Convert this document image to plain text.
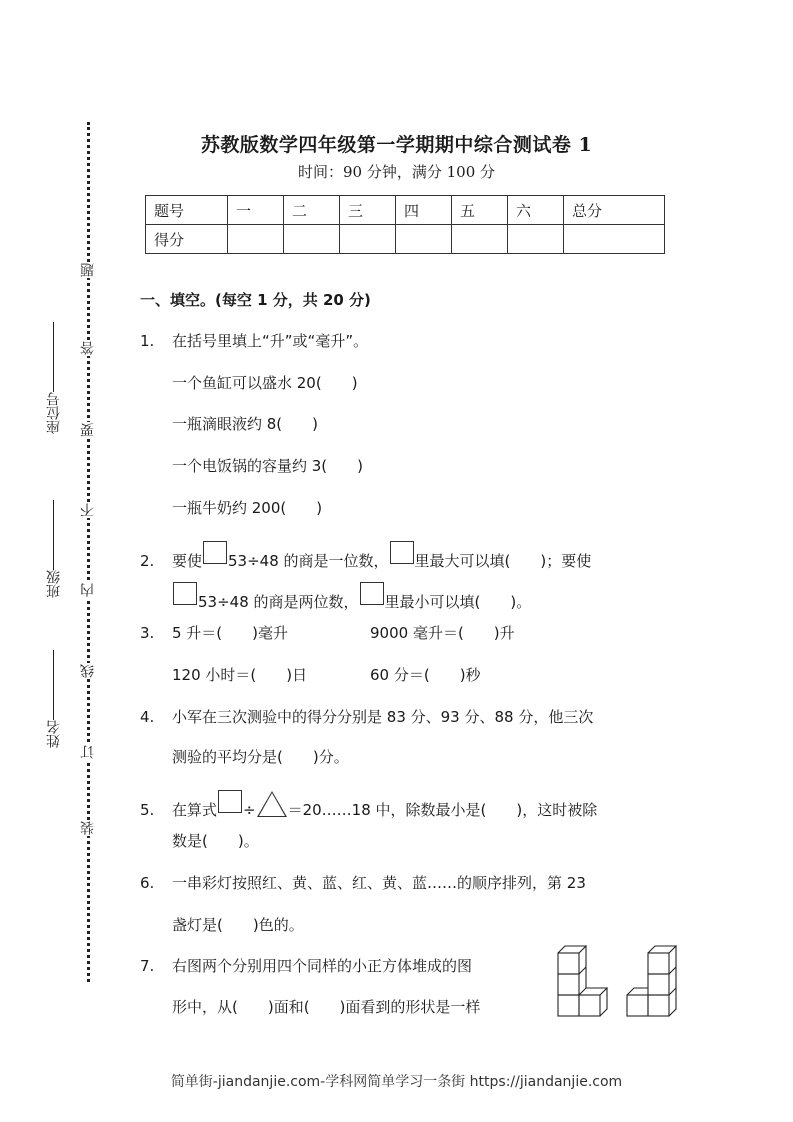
题
答
要
不
内
线
订
装
座位号
班级
姓名
苏教版数学四年级第一学期期中综合测试卷 1
时间：90 分钟，满分 100 分
题号	一	二	三	四	五	六	总分
得分							
一、填空。(每空 1 分，共 20 分)
1. 在括号里填上“升”或“毫升”。
一个鱼缸可以盛水 20(　　)
一瓶滴眼液约 8(　　)
一个电饭锅的容量约 3(　　)
一瓶牛奶约 200(　　)
2. 要使 53÷48 的商是一位数， 里最大可以填(　　)；要使
53÷48 的商是两位数， 里最小可以填(　　)。
3. 5 升＝(　　)毫升	9000 毫升＝(　　)升
120 小时＝(　　)日	60 分＝(　　)秒
4. 小军在三次测验中的得分分别是 83 分、93 分、88 分，他三次
测验的平均分是(　　)分。
5. 在算式 ÷ ＝20……18 中，除数最小是(　　)，这时被除
数是(　　)。
6. 一串彩灯按照红、黄、蓝、红、黄、蓝……的顺序排列，第 23
盏灯是(　　)色的。
7. 右图两个分别用四个同样的小正方体堆成的图
形中，从(　　)面和(　　)面看到的形状是一样
简单街-jiandanjie.com-学科网简单学习一条街 https://jiandanjie.com
